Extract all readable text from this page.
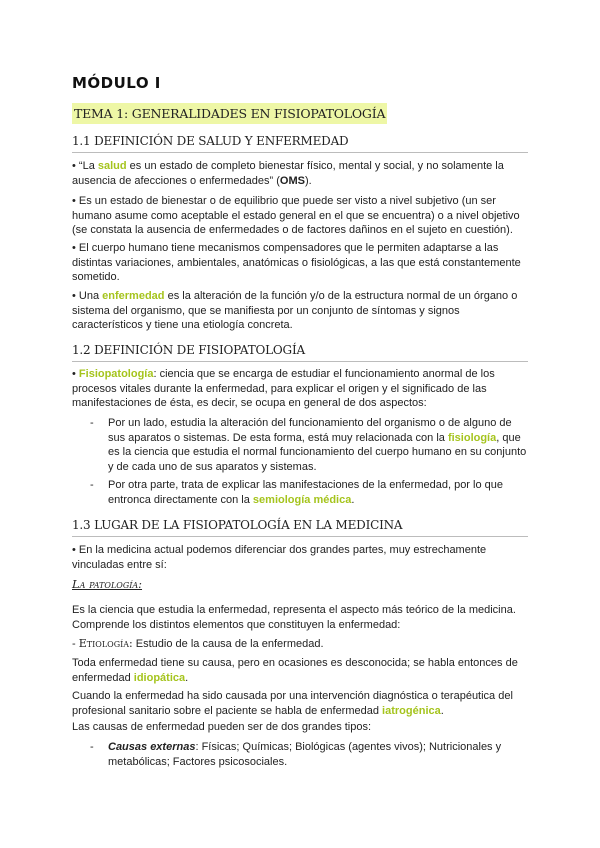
MÓDULO I
TEMA 1: GENERALIDADES EN FISIOPATOLOGÍA
1.1 DEFINICIÓN DE SALUD Y ENFERMEDAD
• “La salud es un estado de completo bienestar físico, mental y social, y no solamente la ausencia de afecciones o enfermedades” (OMS).
• Es un estado de bienestar o de equilibrio que puede ser visto a nivel subjetivo (un ser humano asume como aceptable el estado general en el que se encuentra) o a nivel objetivo (se constata la ausencia de enfermedades o de factores dañinos en el sujeto en cuestión).
• El cuerpo humano tiene mecanismos compensadores que le permiten adaptarse a las distintas variaciones, ambientales, anatómicas o fisiológicas, a las que está constantemente sometido.
• Una enfermedad es la alteración de la función y/o de la estructura normal de un órgano o sistema del organismo, que se manifiesta por un conjunto de síntomas y signos característicos y tiene una etiología concreta.
1.2 DEFINICIÓN DE FISIOPATOLOGÍA
• Fisiopatología: ciencia que se encarga de estudiar el funcionamiento anormal de los procesos vitales durante la enfermedad, para explicar el origen y el significado de las manifestaciones de ésta, es decir, se ocupa en general de dos aspectos:
- Por un lado, estudia la alteración del funcionamiento del organismo o de alguno de sus aparatos o sistemas. De esta forma, está muy relacionada con la fisiología, que es la ciencia que estudia el normal funcionamiento del cuerpo humano en su conjunto y de cada uno de sus aparatos y sistemas.
- Por otra parte, trata de explicar las manifestaciones de la enfermedad, por lo que entronca directamente con la semiología médica.
1.3 LUGAR DE LA FISIOPATOLOGÍA EN LA MEDICINA
• En la medicina actual podemos diferenciar dos grandes partes, muy estrechamente vinculadas entre sí:
La patología:
Es la ciencia que estudia la enfermedad, representa el aspecto más teórico de la medicina. Comprende los distintos elementos que constituyen la enfermedad:
- Etiología: Estudio de la causa de la enfermedad.
Toda enfermedad tiene su causa, pero en ocasiones es desconocida; se habla entonces de enfermedad idiopática.
Cuando la enfermedad ha sido causada por una intervención diagnóstica o terapéutica del profesional sanitario sobre el paciente se habla de enfermedad iatrogénica.
Las causas de enfermedad pueden ser de dos grandes tipos:
- Causas externas: Físicas; Químicas; Biológicas (agentes vivos); Nutricionales y metabólicas; Factores psicosociales.
